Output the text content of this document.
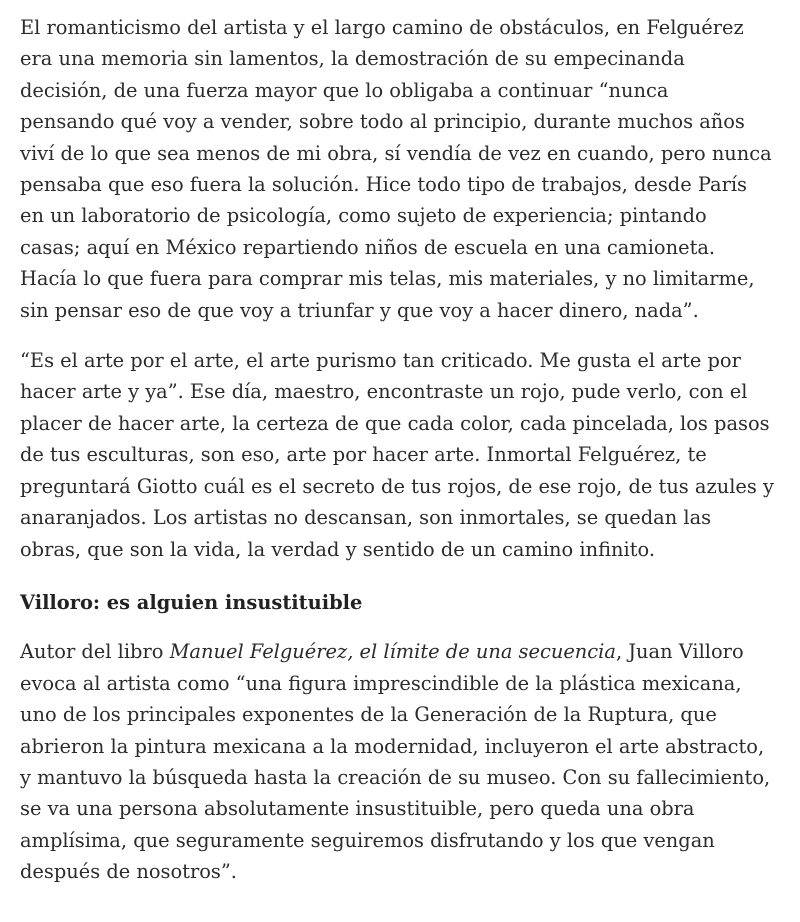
El romanticismo del artista y el largo camino de obstáculos, en Felguérez

era una memoria sin lamentos, la demostración de su empecinanda

decisión, de una fuerza mayor que lo obligaba a continuar “nunca

pensando qué voy a vender, sobre todo al principio, durante muchos años

viví de lo que sea menos de mi obra, sí vendía de vez en cuando, pero nunca

pensaba que eso fuera la solución. Hice todo tipo de trabajos, desde París

en un laboratorio de psicología, como sujeto de experiencia; pintando

casas; aquí en México repartiendo niños de escuela en una camioneta.

Hacía lo que fuera para comprar mis telas, mis materiales, y no limitarme,

sin pensar eso de que voy a triunfar y que voy a hacer dinero, nada”.

“Es el arte por el arte, el arte purismo tan criticado. Me gusta el arte por

hacer arte y ya”. Ese día, maestro, encontraste un rojo, pude verlo, con el

placer de hacer arte, la certeza de que cada color, cada pincelada, los pasos

de tus esculturas, son eso, arte por hacer arte. Inmortal Felguérez, te

preguntará Giotto cuál es el secreto de tus rojos, de ese rojo, de tus azules y

anaranjados. Los artistas no descansan, son inmortales, se quedan las

obras, que son la vida, la verdad y sentido de un camino infinito.

Villoro: es alguien insustituible

Autor del libro Manuel Felguérez, el límite de una secuencia, Juan Villoro

evoca al artista como “una figura imprescindible de la plástica mexicana,

uno de los principales exponentes de la Generación de la Ruptura, que

abrieron la pintura mexicana a la modernidad, incluyeron el arte abstracto,

y mantuvo la búsqueda hasta la creación de su museo. Con su fallecimiento,

se va una persona absolutamente insustituible, pero queda una obra

amplísima, que seguramente seguiremos disfrutando y los que vengan

después de nosotros”.
